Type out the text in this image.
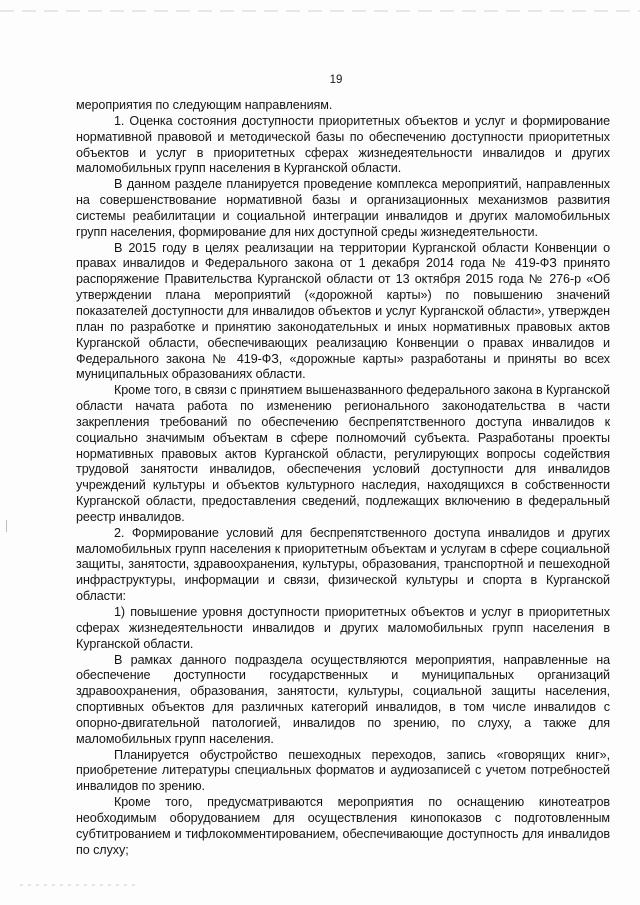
19

мероприятия по следующим направлениям.

1. Оценка состояния доступности приоритетных объектов и услуг и формирование нормативной правовой и методической базы по обеспечению доступности приоритетных объектов и услуг в приоритетных сферах жизнедеятельности инвалидов и других маломобильных групп населения в Курганской области.

В данном разделе планируется проведение комплекса мероприятий, направленных на совершенствование нормативной базы и организационных механизмов развития системы реабилитации и социальной интеграции инвалидов и других маломобильных групп населения, формирование для них доступной среды жизнедеятельности.

В 2015 году в целях реализации на территории Курганской области Конвенции о правах инвалидов и Федерального закона от 1 декабря 2014 года № 419-ФЗ принято распоряжение Правительства Курганской области от 13 октября 2015 года № 276-р «Об утверждении плана мероприятий («дорожной карты») по повышению значений показателей доступности для инвалидов объектов и услуг Курганской области», утвержден план по разработке и принятию законодательных и иных нормативных правовых актов Курганской области, обеспечивающих реализацию Конвенции о правах инвалидов и Федерального закона № 419-ФЗ, «дорожные карты» разработаны и приняты во всех муниципальных образованиях области.

Кроме того, в связи с принятием вышеназванного федерального закона в Курганской области начата работа по изменению регионального законодательства в части закрепления требований по обеспечению беспрепятственного доступа инвалидов к социально значимым объектам в сфере полномочий субъекта. Разработаны проекты нормативных правовых актов Курганской области, регулирующих вопросы содействия трудовой занятости инвалидов, обеспечения условий доступности для инвалидов учреждений культуры и объектов культурного наследия, находящихся в собственности Курганской области, предоставления сведений, подлежащих включению в федеральный реестр инвалидов.

2. Формирование условий для беспрепятственного доступа инвалидов и других маломобильных групп населения к приоритетным объектам и услугам в сфере социальной защиты, занятости, здравоохранения, культуры, образования, транспортной и пешеходной инфраструктуры, информации и связи, физической культуры и спорта в Курганской области:

1) повышение уровня доступности приоритетных объектов и услуг в приоритетных сферах жизнедеятельности инвалидов и других маломобильных групп населения в Курганской области.

В рамках данного подраздела осуществляются мероприятия, направленные на обеспечение доступности государственных и муниципальных организаций здравоохранения, образования, занятости, культуры, социальной защиты населения, спортивных объектов для различных категорий инвалидов, в том числе инвалидов с опорно-двигательной патологией, инвалидов по зрению, по слуху, а также для маломобильных групп населения.

Планируется обустройство пешеходных переходов, запись «говорящих книг», приобретение литературы специальных форматов и аудиозаписей с учетом потребностей инвалидов по зрению.

Кроме того, предусматриваются мероприятия по оснащению кинотеатров необходимым оборудованием для осуществления кинопоказов с подготовленным субтитрованием и тифлокомментированием, обеспечивающие доступность для инвалидов по слуху;
